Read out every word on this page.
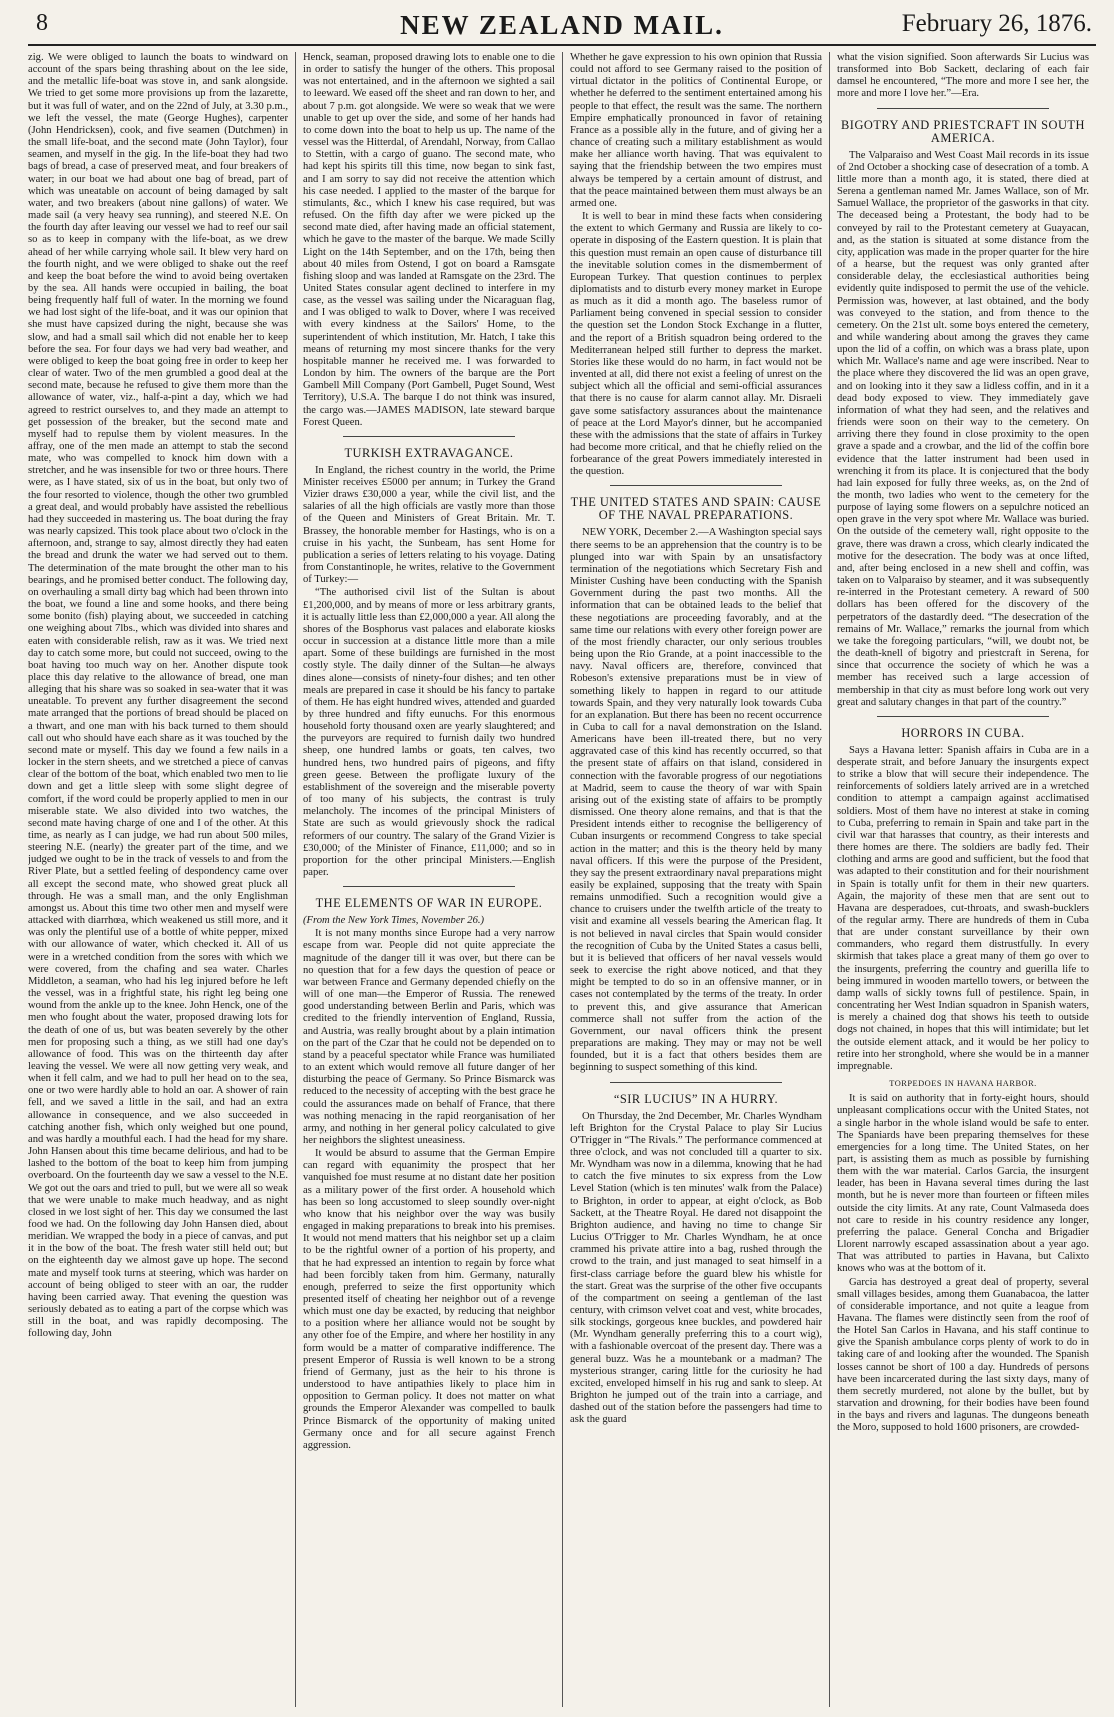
8	NEW ZEALAND MAIL.	February 26, 1876.

zig. We were obliged to launch the boats to windward on account of the spars being thrashing about on the lee side, and the metallic life-boat was stove in, and sank alongside. We tried to get some more provisions up from the lazarette, but it was full of water, and on the 22nd of July, at 3.30 p.m., we left the vessel, the mate (George Hughes), carpenter (John Hendricksen), cook, and five seamen (Dutchmen) in the small life-boat, and the second mate (John Taylor), four seamen, and myself in the gig. In the life-boat they had two bags of bread, a case of preserved meat, and four breakers of water; in our boat we had about one bag of bread, part of which was uneatable on account of being damaged by salt water, and two breakers (about nine gallons) of water. We made sail (a very heavy sea running), and steered N.E. On the fourth day after leaving our vessel we had to reef our sail so as to keep in company with the life-boat, as we drew ahead of her while carrying whole sail. It blew very hard on the fourth night, and we were obliged to shake out the reef and keep the boat before the wind to avoid being overtaken by the sea. All hands were occupied in bailing, the boat being frequently half full of water. In the morning we found we had lost sight of the life-boat, and it was our opinion that she must have capsized during the night, because she was slow, and had a small sail which did not enable her to keep before the sea. For four days we had very bad weather, and were obliged to keep the boat going free in order to keep her clear of water. Two of the men grumbled a good deal at the second mate, because he refused to give them more than the allowance of water, viz., half-a-pint a day, which we had agreed to restrict ourselves to, and they made an attempt to get possession of the breaker, but the second mate and myself had to repulse them by violent measures. In the affray, one of the men made an attempt to stab the second mate, who was compelled to knock him down with a stretcher, and he was insensible for two or three hours. There were, as I have stated, six of us in the boat, but only two of the four resorted to violence, though the other two grumbled a great deal, and would probably have assisted the rebellious had they succeeded in mastering us. The boat during the fray was nearly capsized. This took place about two o'clock in the afternoon, and, strange to say, almost directly they had eaten the bread and drunk the water we had served out to them. The determination of the mate brought the other man to his bearings, and he promised better conduct. The following day, on overhauling a small dirty bag which had been thrown into the boat, we found a line and some hooks, and there being some bonito (fish) playing about, we succeeded in catching one weighing about 7lbs., which was divided into shares and eaten with considerable relish, raw as it was. We tried next day to catch some more, but could not succeed, owing to the boat having too much way on her. Another dispute took place this day relative to the allowance of bread, one man alleging that his share was so soaked in sea-water that it was uneatable. To prevent any further disagreement the second mate arranged that the portions of bread should be placed on a thwart, and one man with his back turned to them should call out who should have each share as it was touched by the second mate or myself. This day we found a few nails in a locker in the stern sheets, and we stretched a piece of canvas clear of the bottom of the boat, which enabled two men to lie down and get a little sleep with some slight degree of comfort, if the word could be properly applied to men in our miserable state. We also divided into two watches, the second mate having charge of one and I of the other. At this time, as nearly as I can judge, we had run about 500 miles, steering N.E. (nearly) the greater part of the time, and we judged we ought to be in the track of vessels to and from the River Plate, but a settled feeling of despondency came over all except the second mate, who showed great pluck all through. He was a small man, and the only Englishman amongst us. About this time two other men and myself were attacked with diarrhœa, which weakened us still more, and it was only the plentiful use of a bottle of white pepper, mixed with our allowance of water, which checked it. All of us were in a wretched condition from the sores with which we were covered, from the chafing and sea water. Charles Middleton, a seaman, who had his leg injured before he left the vessel, was in a frightful state, his right leg being one wound from the ankle up to the knee. John Henck, one of the men who fought about the water, proposed drawing lots for the death of one of us, but was beaten severely by the other men for proposing such a thing, as we still had one day's allowance of food. This was on the thirteenth day after leaving the vessel. We were all now getting very weak, and when it fell calm, and we had to pull her head on to the sea, one or two were hardly able to hold an oar. A shower of rain fell, and we saved a little in the sail, and had an extra allowance in consequence, and we also succeeded in catching another fish, which only weighed but one pound, and was hardly a mouthful each. I had the head for my share. John Hansen about this time became delirious, and had to be lashed to the bottom of the boat to keep him from jumping overboard. On the fourteenth day we saw a vessel to the N.E. We got out the oars and tried to pull, but we were all so weak that we were unable to make much headway, and as night closed in we lost sight of her. This day we consumed the last food we had. On the following day John Hansen died, about meridian. We wrapped the body in a piece of canvas, and put it in the bow of the boat. The fresh water still held out; but on the eighteenth day we almost gave up hope. The second mate and myself took turns at steering, which was harder on account of being obliged to steer with an oar, the rudder having been carried away. That evening the question was seriously debated as to eating a part of the corpse which was still in the boat, and was rapidly decomposing. The following day, John

Henck, seaman, proposed drawing lots to enable one to die in order to satisfy the hunger of the others. This proposal was not entertained, and in the afternoon we sighted a sail to leeward. We eased off the sheet and ran down to her, and about 7 p.m. got alongside. We were so weak that we were unable to get up over the side, and some of her hands had to come down into the boat to help us up. The name of the vessel was the Hitterdal, of Arendahl, Norway, from Callao to Stettin, with a cargo of guano. The second mate, who had kept his spirits till this time, now began to sink fast, and I am sorry to say did not receive the attention which his case needed. I applied to the master of the barque for stimulants, &c., which I knew his case required, but was refused. On the fifth day after we were picked up the second mate died, after having made an official statement, which he gave to the master of the barque. We made Scilly Light on the 14th September, and on the 17th, being then about 40 miles from Ostend, I got on board a Ramsgate fishing sloop and was landed at Ramsgate on the 23rd. The United States consular agent declined to interfere in my case, as the vessel was sailing under the Nicaraguan flag, and I was obliged to walk to Dover, where I was received with every kindness at the Sailors' Home, to the superintendent of which institution, Mr. Hatch, I take this means of returning my most sincere thanks for the very hospitable manner he received me. I was forwarded to London by him. The owners of the barque are the Port Gambell Mill Company (Port Gambell, Puget Sound, West Territory), U.S.A. The barque I do not think was insured, the cargo was.—JAMES MADISON, late steward barque Forest Queen.

TURKISH EXTRAVAGANCE.

In England, the richest country in the world, the Prime Minister receives £5000 per annum; in Turkey the Grand Vizier draws £30,000 a year, while the civil list, and the salaries of all the high officials are vastly more than those of the Queen and Ministers of Great Britain. Mr. T. Brassey, the honorable member for Hastings, who is on a cruise in his yacht, the Sunbeam, has sent Home for publication a series of letters relating to his voyage. Dating from Constantinople, he writes, relative to the Government of Turkey:—

“The authorised civil list of the Sultan is about £1,200,000, and by means of more or less arbitrary grants, it is actually little less than £2,000,000 a year. All along the shores of the Bosphorus vast palaces and elaborate kiosks occur in succession at a distance little more than a mile apart. Some of these buildings are furnished in the most costly style. The daily dinner of the Sultan—he always dines alone—consists of ninety-four dishes; and ten other meals are prepared in case it should be his fancy to partake of them. He has eight hundred wives, attended and guarded by three hundred and fifty eunuchs. For this enormous household forty thousand oxen are yearly slaughtered; and the purveyors are required to furnish daily two hundred sheep, one hundred lambs or goats, ten calves, two hundred hens, two hundred pairs of pigeons, and fifty green geese. Between the profligate luxury of the establishment of the sovereign and the miserable poverty of too many of his subjects, the contrast is truly melancholy. The incomes of the principal Ministers of State are such as would grievously shock the radical reformers of our country. The salary of the Grand Vizier is £30,000; of the Minister of Finance, £11,000; and so in proportion for the other principal Ministers.—English paper.

THE ELEMENTS OF WAR IN EUROPE.

(From the New York Times, November 26.)

It is not many months since Europe had a very narrow escape from war. People did not quite appreciate the magnitude of the danger till it was over, but there can be no question that for a few days the question of peace or war between France and Germany depended chiefly on the will of one man—the Emperor of Russia. The renewed good understanding between Berlin and Paris, which was credited to the friendly intervention of England, Russia, and Austria, was really brought about by a plain intimation on the part of the Czar that he could not be depended on to stand by a peaceful spectator while France was humiliated to an extent which would remove all future danger of her disturbing the peace of Germany. So Prince Bismarck was reduced to the necessity of accepting with the best grace he could the assurances made on behalf of France, that there was nothing menacing in the rapid reorganisation of her army, and nothing in her general policy calculated to give her neighbors the slightest uneasiness.

It would be absurd to assume that the German Empire can regard with equanimity the prospect that her vanquished foe must resume at no distant date her position as a military power of the first order. A household which has been so long accustomed to sleep soundly over-night who know that his neighbor over the way was busily engaged in making preparations to break into his premises. It would not mend matters that his neighbor set up a claim to be the rightful owner of a portion of his property, and that he had expressed an intention to regain by force what had been forcibly taken from him. Germany, naturally enough, preferred to seize the first opportunity which presented itself of cheating her neighbor out of a revenge which must one day be exacted, by reducing that neighbor to a position where her alliance would not be sought by any other foe of the Empire, and where her hostility in any form would be a matter of comparative indifference. The present Emperor of Russia is well known to be a strong friend of Germany, just as the heir to his throne is understood to have antipathies likely to place him in opposition to German policy. It does not matter on what grounds the Emperor Alexander was compelled to baulk Prince Bismarck of the opportunity of making united Germany once and for all secure against French aggression.

Whether he gave expression to his own opinion that Russia could not afford to see Germany raised to the position of virtual dictator in the politics of Continental Europe, or whether he deferred to the sentiment entertained among his people to that effect, the result was the same. The northern Empire emphatically pronounced in favor of retaining France as a possible ally in the future, and of giving her a chance of creating such a military establishment as would make her alliance worth having. That was equivalent to saying that the friendship between the two empires must always be tempered by a certain amount of distrust, and that the peace maintained between them must always be an armed one.

It is well to bear in mind these facts when considering the extent to which Germany and Russia are likely to co-operate in disposing of the Eastern question. It is plain that this question must remain an open cause of disturbance till the inevitable solution comes in the dismemberment of European Turkey. That question continues to perplex diplomatists and to disturb every money market in Europe as much as it did a month ago. The baseless rumor of Parliament being convened in special session to consider the question set the London Stock Exchange in a flutter, and the report of a British squadron being ordered to the Mediterranean helped still further to depress the market. Stories like these would do no harm, in fact would not be invented at all, did there not exist a feeling of unrest on the subject which all the official and semi-official assurances that there is no cause for alarm cannot allay. Mr. Disraeli gave some satisfactory assurances about the maintenance of peace at the Lord Mayor's dinner, but he accompanied these with the admissions that the state of affairs in Turkey had become more critical, and that he chiefly relied on the forbearance of the great Powers immediately interested in the question.

THE UNITED STATES AND SPAIN: CAUSE OF THE NAVAL PREPARATIONS.

NEW YORK, December 2.—A Washington special says there seems to be an apprehension that the country is to be plunged into war with Spain by an unsatisfactory termination of the negotiations which Secretary Fish and Minister Cushing have been conducting with the Spanish Government during the past two months. All the information that can be obtained leads to the belief that these negotiations are proceeding favorably, and at the same time our relations with every other foreign power are of the most friendly character, our only serious troubles being upon the Rio Grande, at a point inaccessible to the navy. Naval officers are, therefore, convinced that Robeson's extensive preparations must be in view of something likely to happen in regard to our attitude towards Spain, and they very naturally look towards Cuba for an explanation. But there has been no recent occurrence in Cuba to call for a naval demonstration on the Island. Americans have been ill-treated there, but no very aggravated case of this kind has recently occurred, so that the present state of affairs on that island, considered in connection with the favorable progress of our negotiations at Madrid, seem to cause the theory of war with Spain arising out of the existing state of affairs to be promptly dismissed. One theory alone remains, and that is that the President intends either to recognise the belligerency of Cuban insurgents or recommend Congress to take special action in the matter; and this is the theory held by many naval officers. If this were the purpose of the President, they say the present extraordinary naval preparations might easily be explained, supposing that the treaty with Spain remains unmodified. Such a recognition would give a chance to cruisers under the twelfth article of the treaty to visit and examine all vessels bearing the American flag. It is not believed in naval circles that Spain would consider the recognition of Cuba by the United States a casus belli, but it is believed that officers of her naval vessels would seek to exercise the right above noticed, and that they might be tempted to do so in an offensive manner, or in cases not contemplated by the terms of the treaty. In order to prevent this, and give assurance that American commerce shall not suffer from the action of the Government, our naval officers think the present preparations are making. They may or may not be well founded, but it is a fact that others besides them are beginning to suspect something of this kind.

“SIR LUCIUS” IN A HURRY.

On Thursday, the 2nd December, Mr. Charles Wyndham left Brighton for the Crystal Palace to play Sir Lucius O'Trigger in “The Rivals.” The performance commenced at three o'clock, and was not concluded till a quarter to six. Mr. Wyndham was now in a dilemma, knowing that he had to catch the five minutes to six express from the Low Level Station (which is ten minutes' walk from the Palace) to Brighton, in order to appear, at eight o'clock, as Bob Sackett, at the Theatre Royal. He dared not disappoint the Brighton audience, and having no time to change Sir Lucius O'Trigger to Mr. Charles Wyndham, he at once crammed his private attire into a bag, rushed through the crowd to the train, and just managed to seat himself in a first-class carriage before the guard blew his whistle for the start. Great was the surprise of the other five occupants of the compartment on seeing a gentleman of the last century, with crimson velvet coat and vest, white brocades, silk stockings, gorgeous knee buckles, and powdered hair (Mr. Wyndham generally preferring this to a court wig), with a fashionable overcoat of the present day. There was a general buzz. Was he a mountebank or a madman? The mysterious stranger, caring little for the curiosity he had excited, enveloped himself in his rug and sank to sleep. At Brighton he jumped out of the train into a carriage, and dashed out of the station before the passengers had time to ask the guard

what the vision signified. Soon afterwards Sir Lucius was transformed into Bob Sackett, declaring of each fair damsel he encountered, “The more and more I see her, the more and more I love her.”—Era.

BIGOTRY AND PRIESTCRAFT IN SOUTH AMERICA.

The Valparaiso and West Coast Mail records in its issue of 2nd October a shocking case of desecration of a tomb. A little more than a month ago, it is stated, there died at Serena a gentleman named Mr. James Wallace, son of Mr. Samuel Wallace, the proprietor of the gasworks in that city. The deceased being a Protestant, the body had to be conveyed by rail to the Protestant cemetery at Guayacan, and, as the station is situated at some distance from the city, application was made in the proper quarter for the hire of a hearse, but the request was only granted after considerable delay, the ecclesiastical authorities being evidently quite indisposed to permit the use of the vehicle. Permission was, however, at last obtained, and the body was conveyed to the station, and from thence to the cemetery. On the 21st ult. some boys entered the cemetery, and while wandering about among the graves they came upon the lid of a coffin, on which was a brass plate, upon which Mr. Wallace's name and age were inscribed. Near to the place where they discovered the lid was an open grave, and on looking into it they saw a lidless coffin, and in it a dead body exposed to view. They immediately gave information of what they had seen, and the relatives and friends were soon on their way to the cemetery. On arriving there they found in close proximity to the open grave a spade and a crowbar, and the lid of the coffin bore evidence that the latter instrument had been used in wrenching it from its place. It is conjectured that the body had lain exposed for fully three weeks, as, on the 2nd of the month, two ladies who went to the cemetery for the purpose of laying some flowers on a sepulchre noticed an open grave in the very spot where Mr. Wallace was buried. On the outside of the cemetery wall, right opposite to the grave, there was drawn a cross, which clearly indicated the motive for the desecration. The body was at once lifted, and, after being enclosed in a new shell and coffin, was taken on to Valparaiso by steamer, and it was subsequently re-interred in the Protestant cemetery. A reward of 500 dollars has been offered for the discovery of the perpetrators of the dastardly deed. “The desecration of the remains of Mr. Wallace,” remarks the journal from which we take the foregoing particulars, “will, we doubt not, be the death-knell of bigotry and priestcraft in Serena, for since that occurrence the society of which he was a member has received such a large accession of membership in that city as must before long work out very great and salutary changes in that part of the country.”

HORRORS IN CUBA.

Says a Havana letter: Spanish affairs in Cuba are in a desperate strait, and before January the insurgents expect to strike a blow that will secure their independence. The reinforcements of soldiers lately arrived are in a wretched condition to attempt a campaign against acclimatised soldiers. Most of them have no interest at stake in coming to Cuba, preferring to remain in Spain and take part in the civil war that harasses that country, as their interests and there homes are there. The soldiers are badly fed. Their clothing and arms are good and sufficient, but the food that was adapted to their constitution and for their nourishment in Spain is totally unfit for them in their new quarters. Again, the majority of these men that are sent out to Havana are desperadoes, cut-throats, and swash-bucklers of the regular army. There are hundreds of them in Cuba that are under constant surveillance by their own commanders, who regard them distrustfully. In every skirmish that takes place a great many of them go over to the insurgents, preferring the country and guerilla life to being immured in wooden martello towers, or between the damp walls of sickly towns full of pestilence. Spain, in concentrating her West Indian squadron in Spanish waters, is merely a chained dog that shows his teeth to outside dogs not chained, in hopes that this will intimidate; but let the outside element attack, and it would be her policy to retire into her stronghold, where she would be in a manner impregnable.

TORPEDOES IN HAVANA HARBOR.

It is said on authority that in forty-eight hours, should unpleasant complications occur with the United States, not a single harbor in the whole island would be safe to enter. The Spaniards have been preparing themselves for these emergencies for a long time. The United States, on her part, is assisting them as much as possible by furnishing them with the war material. Carlos Garcia, the insurgent leader, has been in Havana several times during the last month, but he is never more than fourteen or fifteen miles outside the city limits. At any rate, Count Valmaseda does not care to reside in his country residence any longer, preferring the palace. General Concha and Brigadier Llorent narrowly escaped assassination about a year ago. That was attributed to parties in Havana, but Calixto knows who was at the bottom of it.

Garcia has destroyed a great deal of property, several small villages besides, among them Guanabacoa, the latter of considerable importance, and not quite a league from Havana. The flames were distinctly seen from the roof of the Hotel San Carlos in Havana, and his staff continue to give the Spanish ambulance corps plenty of work to do in taking care of and looking after the wounded. The Spanish losses cannot be short of 100 a day. Hundreds of persons have been incarcerated during the last sixty days, many of them secretly murdered, not alone by the bullet, but by starvation and drowning, for their bodies have been found in the bays and rivers and lagunas. The dungeons beneath the Moro, supposed to hold 1600 prisoners, are crowded-
